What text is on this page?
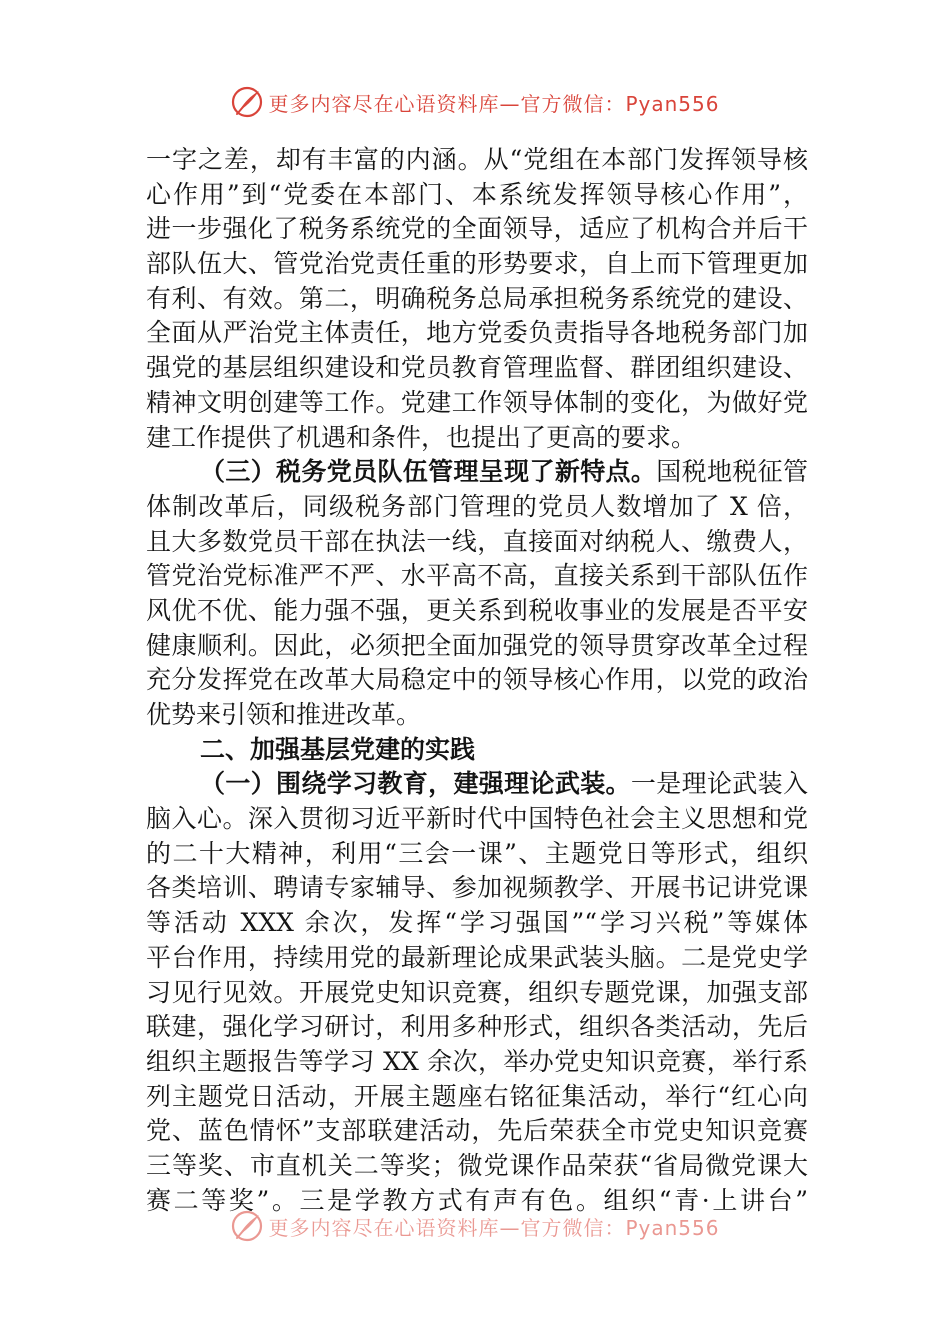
更多内容尽在心语资料库—官方微信：Pyan556
一字之差，却有丰富的内涵。从“党组在本部门发挥领导核
心作用”到“党委在本部门、本系统发挥领导核心作用”，
进一步强化了税务系统党的全面领导，适应了机构合并后干
部队伍大、管党治党责任重的形势要求，自上而下管理更加
有利、有效。第二，明确税务总局承担税务系统党的建设、
全面从严治党主体责任，地方党委负责指导各地税务部门加
强党的基层组织建设和党员教育管理监督、群团组织建设、
精神文明创建等工作。党建工作领导体制的变化，为做好党
建工作提供了机遇和条件，也提出了更高的要求。
（三）税务党员队伍管理呈现了新特点。国税地税征管
体制改革后，同级税务部门管理的党员人数增加了 X 倍，
且大多数党员干部在执法一线，直接面对纳税人、缴费人，
管党治党标准严不严、水平高不高，直接关系到干部队伍作
风优不优、能力强不强，更关系到税收事业的发展是否平安
健康顺利。因此，必须把全面加强党的领导贯穿改革全过程
充分发挥党在改革大局稳定中的领导核心作用，以党的政治
优势来引领和推进改革。
二、加强基层党建的实践
（一）围绕学习教育，建强理论武装。一是理论武装入
脑入心。深入贯彻习近平新时代中国特色社会主义思想和党
的二十大精神，利用“三会一课”、主题党日等形式，组织
各类培训、聘请专家辅导、参加视频教学、开展书记讲党课
等活动 XXX 余次，发挥“学习强国”“学习兴税”等媒体
平台作用，持续用党的最新理论成果武装头脑。二是党史学
习见行见效。开展党史知识竞赛，组织专题党课，加强支部
联建，强化学习研讨，利用多种形式，组织各类活动，先后
组织主题报告等学习 XX 余次，举办党史知识竞赛，举行系
列主题党日活动，开展主题座右铭征集活动，举行“红心向
党、蓝色情怀”支部联建活动，先后荣获全市党史知识竞赛
三等奖、市直机关二等奖；微党课作品荣获“省局微党课大
赛二等奖”。三是学教方式有声有色。组织“青·上讲台”
更多内容尽在心语资料库—官方微信：Pyan556
